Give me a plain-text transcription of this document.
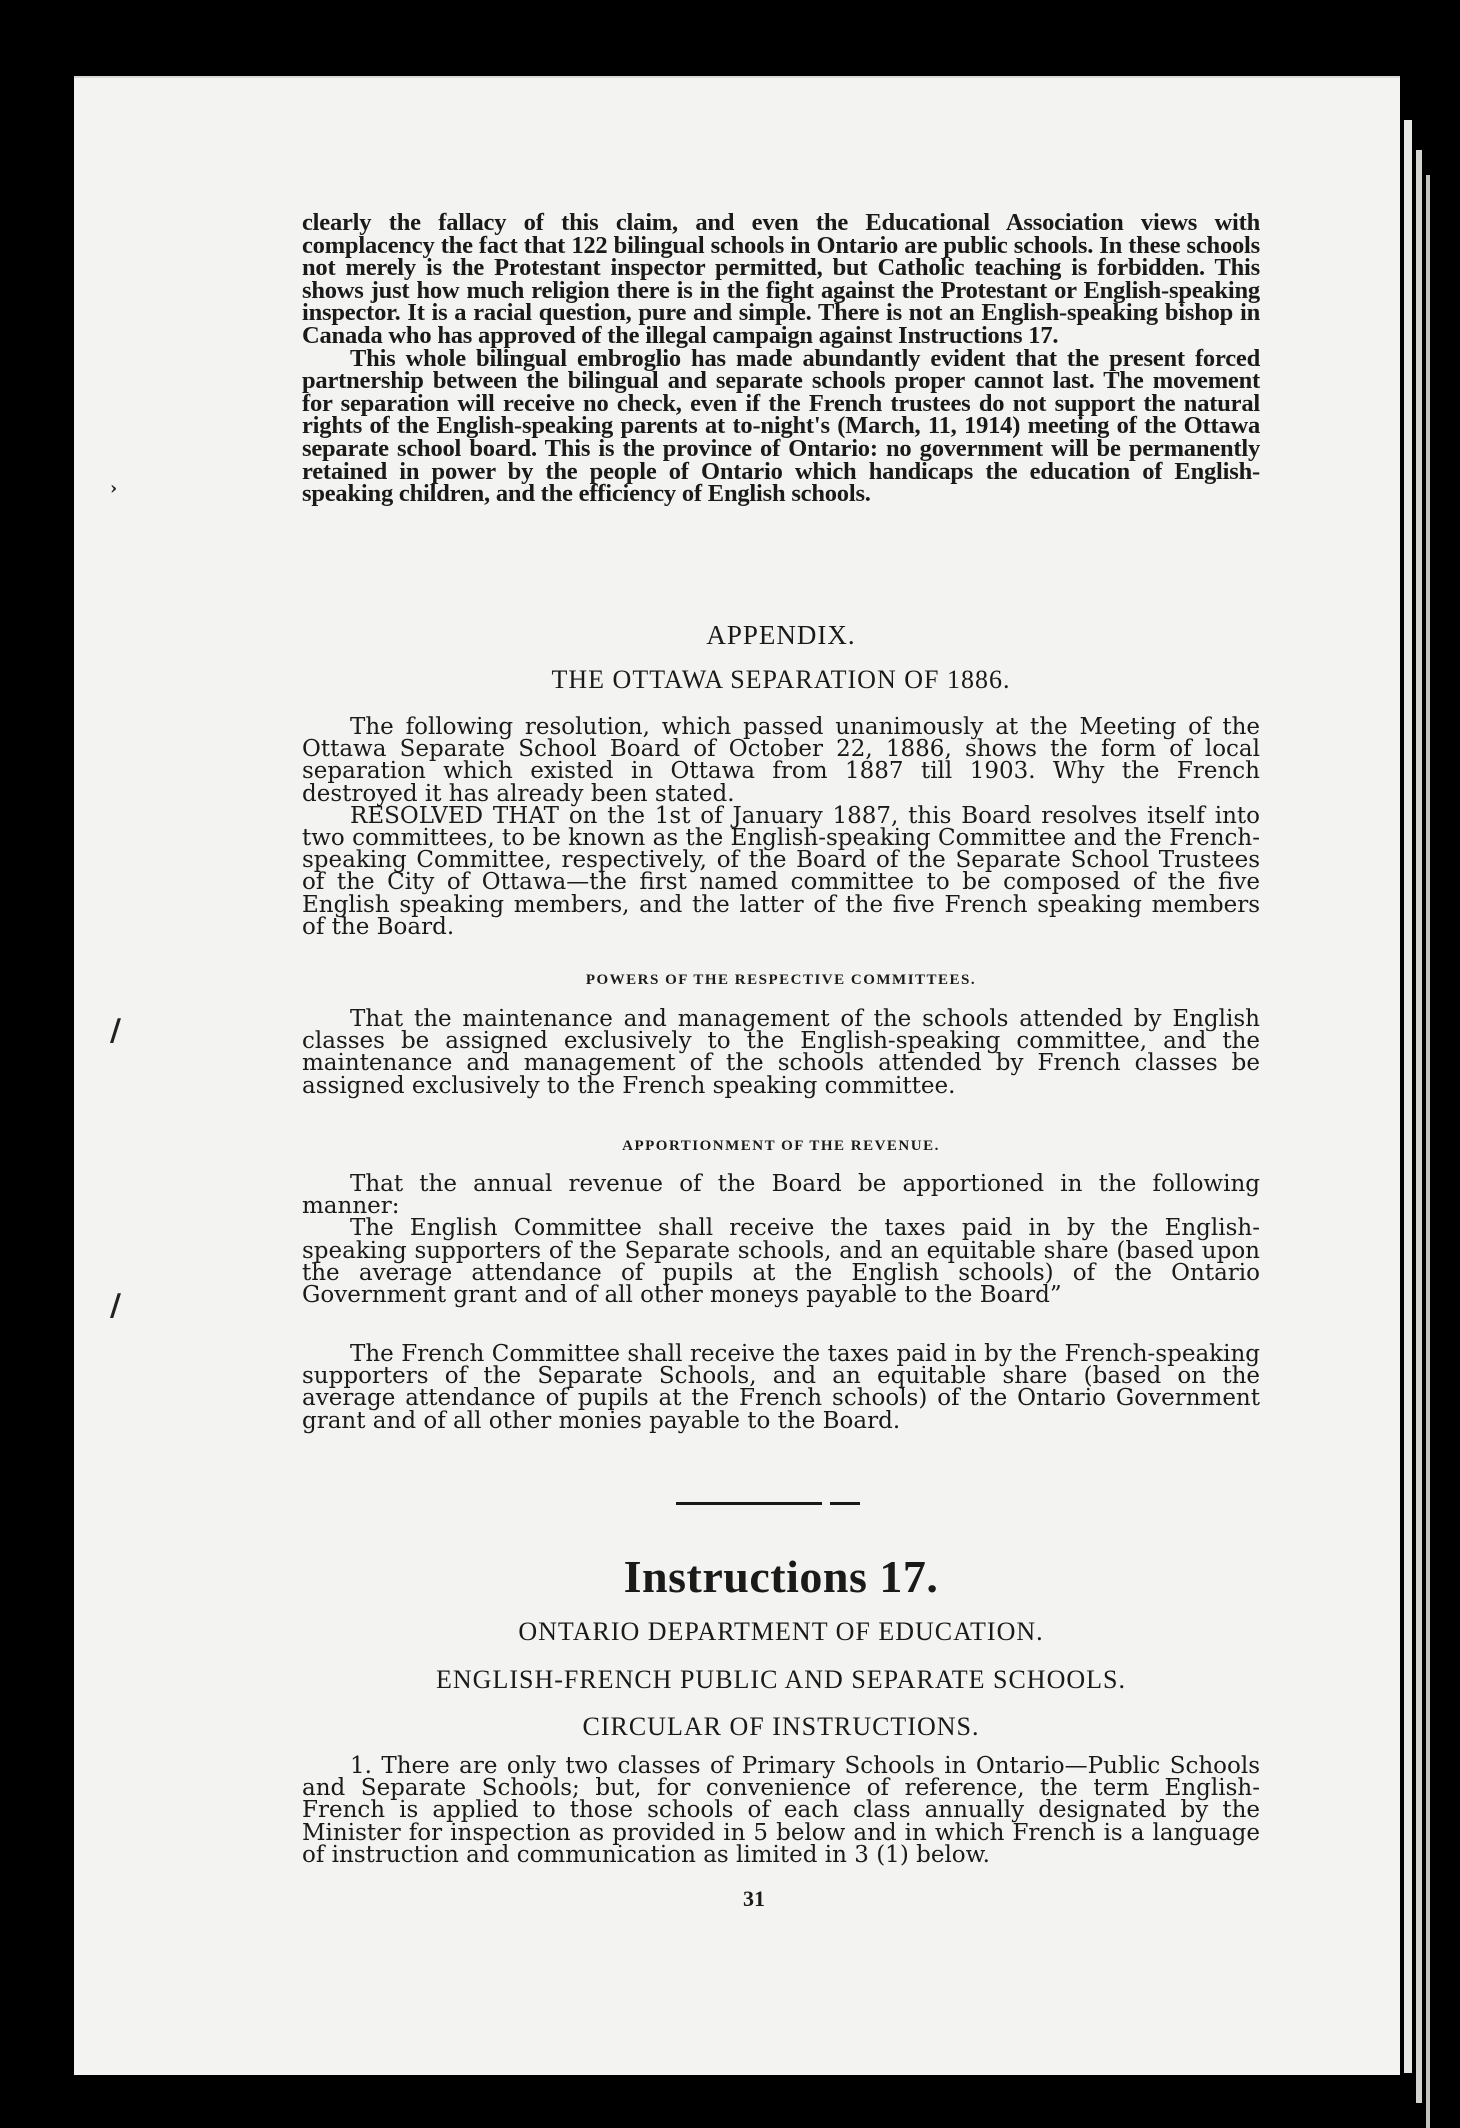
›
/
/

clearly the fallacy of this claim, and even the Educational Association views with complacency the fact that 122 bilingual schools in Ontario are public schools. In these schools not merely is the Protestant inspector permitted, but Catholic teaching is forbidden. This shows just how much religion there is in the fight against the Protestant or English-speaking inspector. It is a racial question, pure and simple. There is not an English-speaking bishop in Canada who has approved of the illegal campaign against Instructions 17.

This whole bilingual embroglio has made abundantly evident that the present forced partnership between the bilingual and separate schools proper cannot last. The movement for separation will receive no check, even if the French trustees do not support the natural rights of the English-speaking parents at to-night's (March, 11, 1914) meeting of the Ottawa separate school board. This is the province of Ontario: no government will be permanently retained in power by the people of Ontario which handicaps the education of English-speaking children, and the efficiency of English schools.

APPENDIX.
THE OTTAWA SEPARATION OF 1886.

The following resolution, which passed unanimously at the Meeting of the Ottawa Separate School Board of October 22, 1886, shows the form of local separation which existed in Ottawa from 1887 till 1903. Why the French destroyed it has already been stated.

RESOLVED THAT on the 1st of January 1887, this Board resolves itself into two committees, to be known as the English-speaking Committee and the French-speaking Committee, respectively, of the Board of the Separate School Trustees of the City of Ottawa—the first named committee to be composed of the five English speaking members, and the latter of the five French speaking members of the Board.

POWERS OF THE RESPECTIVE COMMITTEES.

That the maintenance and management of the schools attended by English classes be assigned exclusively to the English-speaking committee, and the maintenance and management of the schools attended by French classes be assigned exclusively to the French speaking committee.

APPORTIONMENT OF THE REVENUE.

That the annual revenue of the Board be apportioned in the following manner:

The English Committee shall receive the taxes paid in by the English-speaking supporters of the Separate schools, and an equitable share (based upon the average attendance of pupils at the English schools) of the Ontario Government grant and of all other moneys payable to the Board”

The French Committee shall receive the taxes paid in by the French-speaking supporters of the Separate Schools, and an equitable share (based on the average attendance of pupils at the French schools) of the Ontario Government grant and of all other monies payable to the Board.

Instructions 17.
ONTARIO DEPARTMENT OF EDUCATION.
ENGLISH-FRENCH PUBLIC AND SEPARATE SCHOOLS.
CIRCULAR OF INSTRUCTIONS.

1. There are only two classes of Primary Schools in Ontario—Public Schools and Separate Schools; but, for convenience of reference, the term English-French is applied to those schools of each class annually designated by the Minister for inspection as provided in 5 below and in which French is a language of instruction and communication as limited in 3 (1) below.

31
